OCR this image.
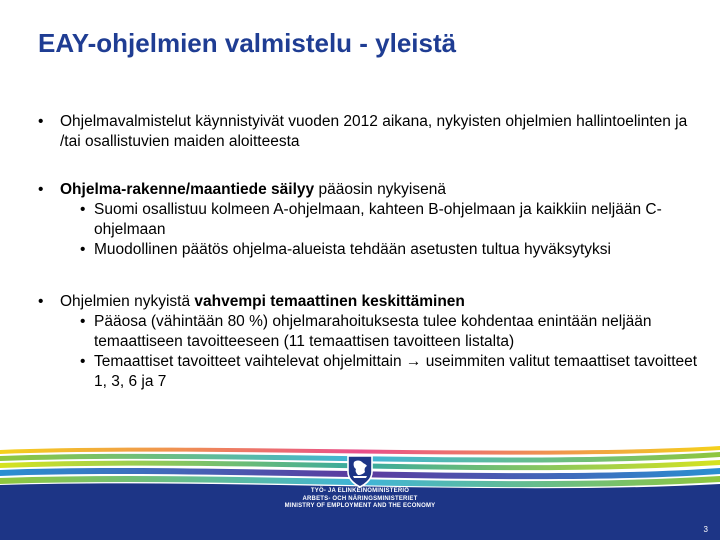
EAY-ohjelmien valmistelu - yleistä
• Ohjelmavalmistelut käynnistyivät vuoden 2012 aikana, nykyisten ohjelmien hallintoelinten ja /tai osallistuvien maiden aloitteesta
• Ohjelma-rakenne/maantiede säilyy pääosin nykyisenä
• Suomi osallistuu kolmeen A-ohjelmaan, kahteen B-ohjelmaan ja kaikkiin neljään C-ohjelmaan
• Muodollinen päätös ohjelma-alueista tehdään asetusten tultua hyväksytyksi
• Ohjelmien nykyistä vahvempi temaattinen keskittäminen
• Pääosa (vähintään 80 %) ohjelmarahoituksesta tulee kohdentaa enintään neljään temaattiseen tavoitteeseen (11 temaattisen tavoitteen listalta)
• Temaattiset tavoitteet vaihtelevat ohjelmittain → useimmiten valitut temaattiset tavoitteet 1, 3, 6 ja 7
TYÖ- JA ELINKEINOMINISTERIÖ
ARBETS- OCH NÄRINGSMINISTERIET
MINISTRY OF EMPLOYMENT AND THE ECONOMY
3
